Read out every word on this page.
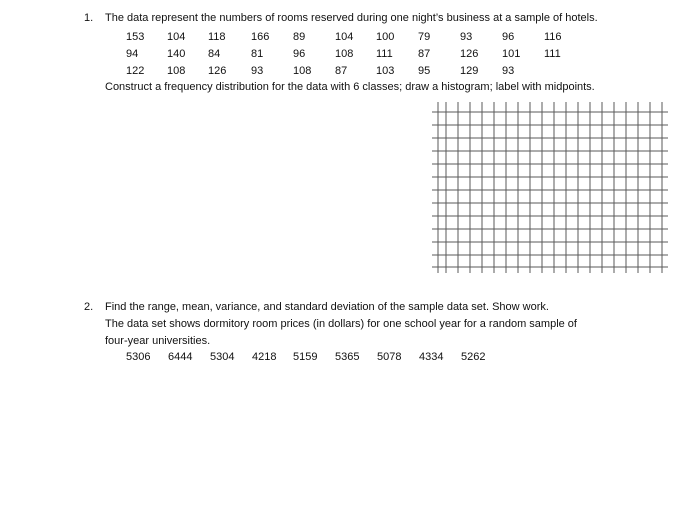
1. The data represent the numbers of rooms reserved during one night’s business at a sample of hotels.
153 104 118 166 89	104 100 79	93	96	116
94	140 84	81	96	108 111 87	126 101 111
122 108 126 93	108 87	103 95	129 93
Construct a frequency distribution for the data with 6 classes; draw a histogram; label with midpoints.
2. Find the range, mean, variance, and standard deviation of the sample data set. Show work.
The data set shows dormitory room prices (in dollars) for one school year for a random sample of
four-year universities.
5306 6444 5304 4218 5159 5365 5078 4334 5262
